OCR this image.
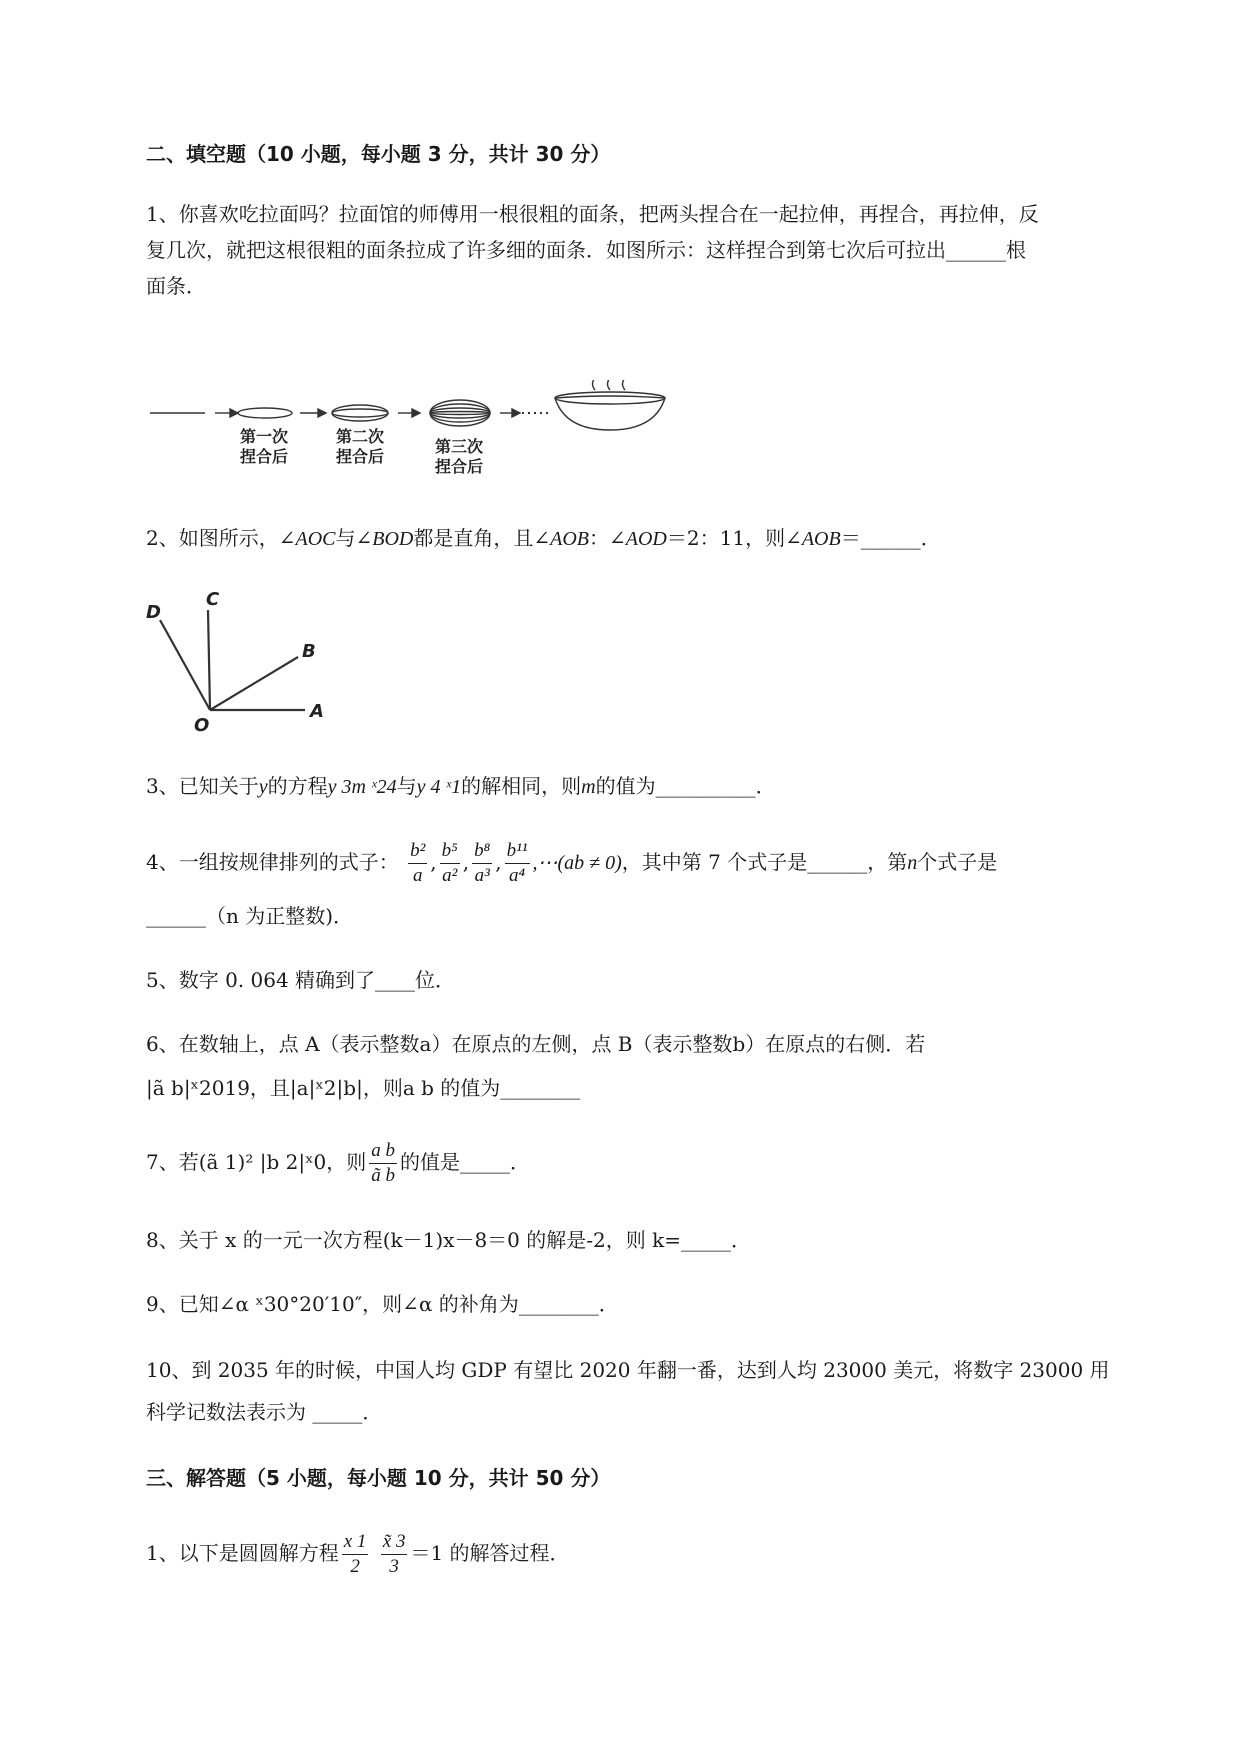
二、填空题（10 小题，每小题 3 分，共计 30 分）
1、你喜欢吃拉面吗？拉面馆的师傅用一根很粗的面条，把两头捏合在一起拉伸，再捏合，再拉伸，反
复几次，就把这根很粗的面条拉成了许多细的面条．如图所示：这样捏合到第七次后可拉出______根
面条．
第一次
捏合后
第二次
捏合后
第三次
捏合后
2、如图所示，∠AOC与∠BOD都是直角，且∠AOB：∠AOD＝2：11，则∠AOB＝______．
D
C
B
A
O
3、已知关于y的方程y 3m ˣ24与y 4 ˣ1的解相同，则m的值为__________．
4、一组按规律排列的式子： $\frac{\text{b²}}{a}$ , $\frac{\text{b⁵}}{\text{a²}}$ , $\frac{\text{b⁸}}{\text{a³}}$ , $\frac{\text{b¹¹}}{\text{a⁴}}$ ,⋯(ab ≠ 0)，其中第 7 个式子是______，第n个式子是
______（n 为正整数)．
5、数字 0. 064 精确到了____位．
6、在数轴上，点 A（表示整数a）在原点的左侧，点 B（表示整数b）在原点的右侧．若
|ã b|ˣ2019，且|a|ˣ2|b|，则a b 的值为________
7、若(ã 1)² |b 2|ˣ0，则 $\frac{\text{a b}}{\text{ã b}}$ 的值是_____．
8、关于 x 的一元一次方程(k－1)x－8＝0 的解是-2，则 k=_____．
9、已知∠α ˣ30°20′10″，则∠α 的补角为________．
10、到 2035 年的时候，中国人均 GDP 有望比 2020 年翻一番，达到人均 23000 美元，将数字 23000 用
科学记数法表示为 _____．
三、解答题（5 小题，每小题 10 分，共计 50 分）
1、以下是圆圆解方程 $\frac{x 1}{2}$
$\frac{x̃ 3}{3} =1$ 的解答过程．
